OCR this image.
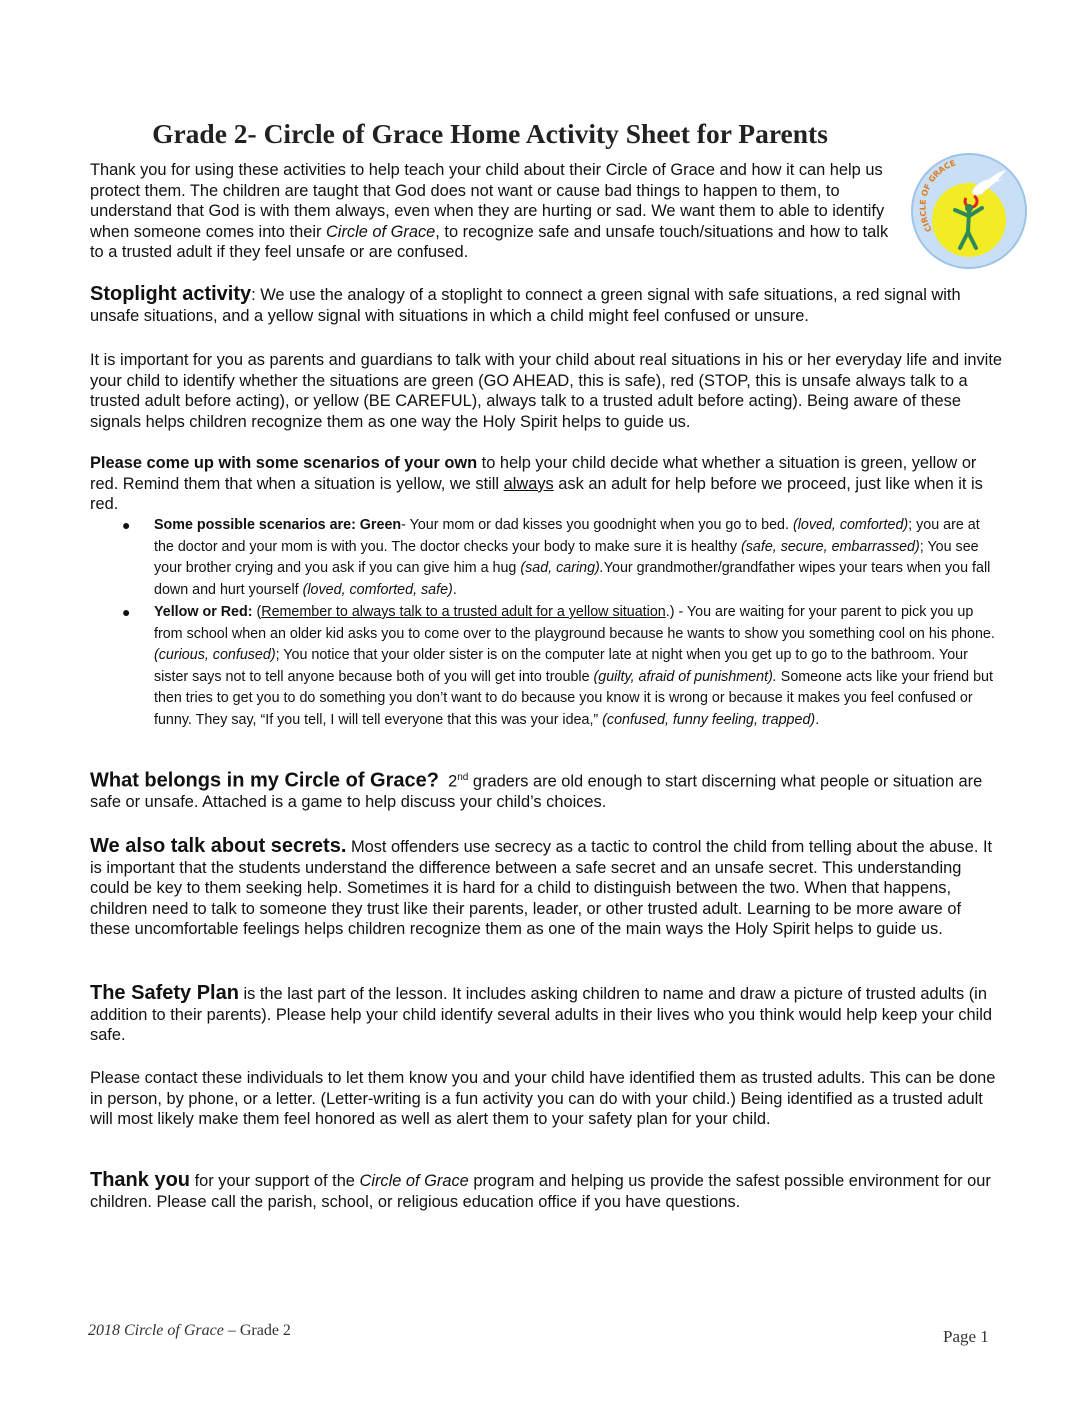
Grade 2- Circle of Grace Home Activity Sheet for Parents
Thank you for using these activities to help teach your child about their Circle of Grace and how it can help us protect them. The children are taught that God does not want or cause bad things to happen to them, to understand that God is with them always, even when they are hurting or sad. We want them to able to identify when someone comes into their Circle of Grace, to recognize safe and unsafe touch/situations and how to talk to a trusted adult if they feel unsafe or are confused.
CIRCLE OF GRACE
Stoplight activity: We use the analogy of a stoplight to connect a green signal with safe situations, a red signal with unsafe situations, and a yellow signal with situations in which a child might feel confused or unsure.
It is important for you as parents and guardians to talk with your child about real situations in his or her everyday life and invite your child to identify whether the situations are green (GO AHEAD, this is safe), red (STOP, this is unsafe always talk to a trusted adult before acting), or yellow (BE CAREFUL), always talk to a trusted adult before acting). Being aware of these signals helps children recognize them as one way the Holy Spirit helps to guide us.
Please come up with some scenarios of your own to help your child decide what whether a situation is green, yellow or red. Remind them that when a situation is yellow, we still always ask an adult for help before we proceed, just like when it is red.
● Some possible scenarios are: Green- Your mom or dad kisses you goodnight when you go to bed. (loved, comforted); you are at the doctor and your mom is with you. The doctor checks your body to make sure it is healthy (safe, secure, embarrassed); You see your brother crying and you ask if you can give him a hug (sad, caring).Your grandmother/grandfather wipes your tears when you fall down and hurt yourself (loved, comforted, safe).
● Yellow or Red: (Remember to always talk to a trusted adult for a yellow situation.) - You are waiting for your parent to pick you up from school when an older kid asks you to come over to the playground because he wants to show you something cool on his phone. (curious, confused); You notice that your older sister is on the computer late at night when you get up to go to the bathroom. Your sister says not to tell anyone because both of you will get into trouble (guilty, afraid of punishment). Someone acts like your friend but then tries to get you to do something you don’t want to do because you know it is wrong or because it makes you feel confused or funny. They say, “If you tell, I will tell everyone that this was your idea,” (confused, funny feeling, trapped).
What belongs in my Circle of Grace? 2nd graders are old enough to start discerning what people or situation are safe or unsafe. Attached is a game to help discuss your child’s choices.
We also talk about secrets. Most offenders use secrecy as a tactic to control the child from telling about the abuse. It is important that the students understand the difference between a safe secret and an unsafe secret. This understanding could be key to them seeking help. Sometimes it is hard for a child to distinguish between the two. When that happens, children need to talk to someone they trust like their parents, leader, or other trusted adult. Learning to be more aware of these uncomfortable feelings helps children recognize them as one of the main ways the Holy Spirit helps to guide us.
The Safety Plan is the last part of the lesson. It includes asking children to name and draw a picture of trusted adults (in addition to their parents). Please help your child identify several adults in their lives who you think would help keep your child safe.
Please contact these individuals to let them know you and your child have identified them as trusted adults. This can be done in person, by phone, or a letter. (Letter-writing is a fun activity you can do with your child.) Being identified as a trusted adult will most likely make them feel honored as well as alert them to your safety plan for your child.
Thank you for your support of the Circle of Grace program and helping us provide the safest possible environment for our children. Please call the parish, school, or religious education office if you have questions.
2018 Circle of Grace – Grade 2	Page 1
